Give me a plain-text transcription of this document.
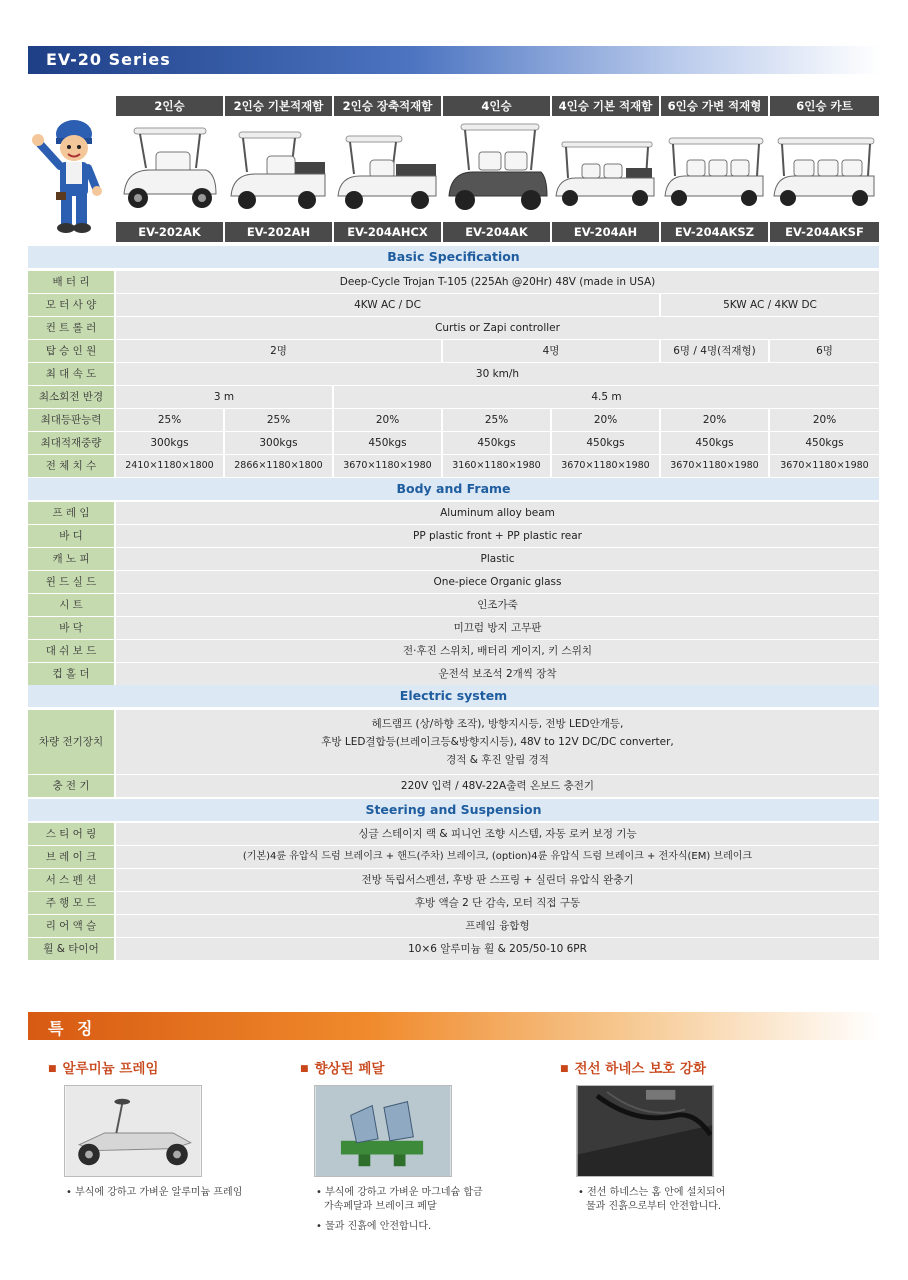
EV-20 Series
2인승	2인승 기본적재함	2인승 장축적재함	4인승	4인승 기본 적재함	6인승 가변 적재형	6인승 카트
EV-202AK	EV-202AH	EV-204AHCX	EV-204AK	EV-204AH	EV-204AKSZ	EV-204AKSF
Basic Specification
배 터 리	Deep-Cycle Trojan T-105 (225Ah @20Hr) 48V (made in USA)
모 터 사 양	4KW AC / DC	5KW AC / 4KW DC
컨 트 롤 러	Curtis or Zapi controller
탑 승 인 원	2명	4명	6명 / 4명(적재형)	6명
최 대 속 도	30 km/h
최소회전 반경	3 m	4.5 m
최대등판능력	25%	25%	20%	25%	20%	20%	20%
최대적재중량	300kgs	300kgs	450kgs	450kgs	450kgs	450kgs	450kgs
전 체 치 수	2410×1180×1800	2866×1180×1800	3670×1180×1980	3160×1180×1980	3670×1180×1980	3670×1180×1980	3670×1180×1980
Body and Frame
프 레 임	Aluminum alloy beam
바 디	PP plastic front + PP plastic rear
캐 노 피	Plastic
윈 드 실 드	One-piece Organic glass
시 트	인조가죽
바 닥	미끄럼 방지 고무판
대 쉬 보 드	전·후진 스위치, 배터리 게이지, 키 스위치
컵 홀 더	운전석 보조석 2개씩 장착
Electric system
차량 전기장치
헤드램프 (상/하향 조작), 방향지시등, 전방 LED안개등,
후방 LED결합등(브레이크등&방향지시등), 48V to 12V DC/DC converter,
경적 & 후진 알림 경적
충 전 기	220V 입력 / 48V-22A출력 온보드 충전기
Steering and Suspension
스 티 어 링	싱글 스테이지 랙 & 피니언 조향 시스템, 자동 로커 보정 기능
브 레 이 크	(기본)4륜 유압식 드럼 브레이크 + 핸드(주차) 브레이크, (option)4륜 유압식 드럼 브레이크 + 전자식(EM) 브레이크
서 스 펜 션	전방 독립서스펜션, 후방 판 스프링 + 실린더 유압식 완충기
주 행 모 드	후방 액슬 2 단 감속, 모터 직접 구동
리 어 액 슬	프레임 융합형
휠 & 타이어	10×6 알루미늄 휠 & 205/50-10 6PR
특 징
■ 알루미늄 프레임	■ 향상된 페달	■ 전선 하네스 보호 강화
• 부식에 강하고 가벼운 알루미늄 프레임	• 부식에 강하고 가벼운 마그네슘 합금
가속페달과 브레이크 페달
• 물과 진흙에 안전합니다.
• 전선 하네스는 홈 안에 설치되어
물과 진흙으로부터 안전합니다.
